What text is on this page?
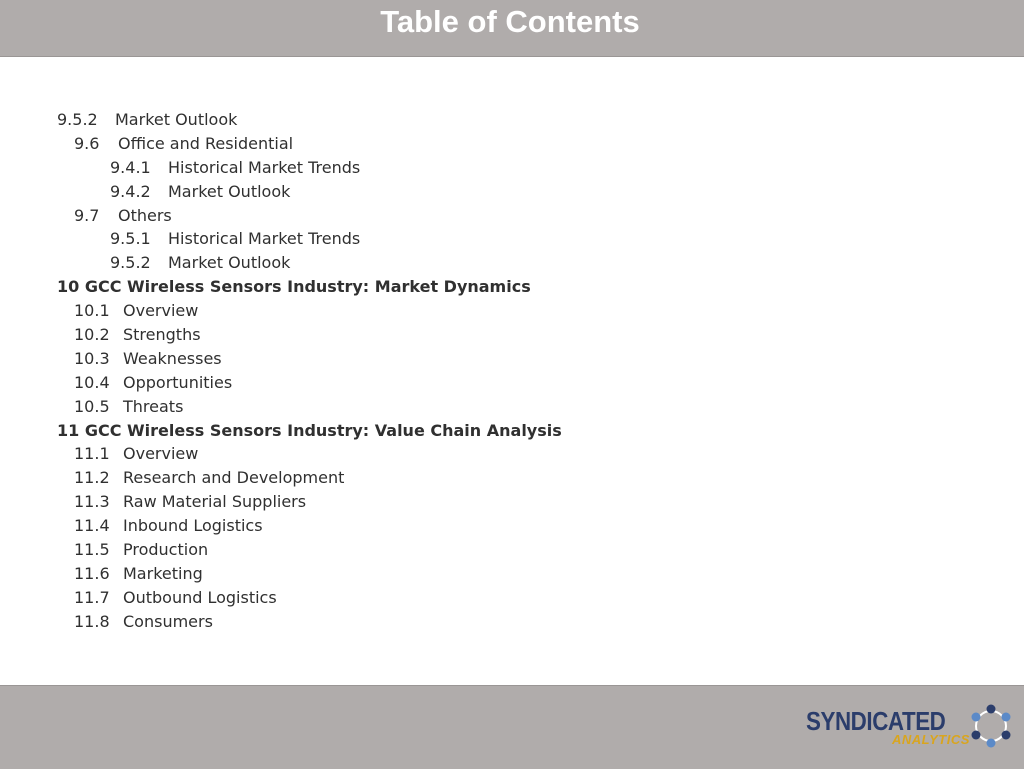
Table of Contents
9.5.2 Market Outlook
9.6 Office and Residential
9.4.1 Historical Market Trends
9.4.2 Market Outlook
9.7 Others
9.5.1 Historical Market Trends
9.5.2 Market Outlook
10 GCC Wireless Sensors Industry: Market Dynamics
10.1 Overview
10.2 Strengths
10.3 Weaknesses
10.4 Opportunities
10.5 Threats
11 GCC Wireless Sensors Industry: Value Chain Analysis
11.1 Overview
11.2 Research and Development
11.3 Raw Material Suppliers
11.4 Inbound Logistics
11.5 Production
11.6 Marketing
11.7 Outbound Logistics
11.8 Consumers
SYNDICATED
ANALYTICS
